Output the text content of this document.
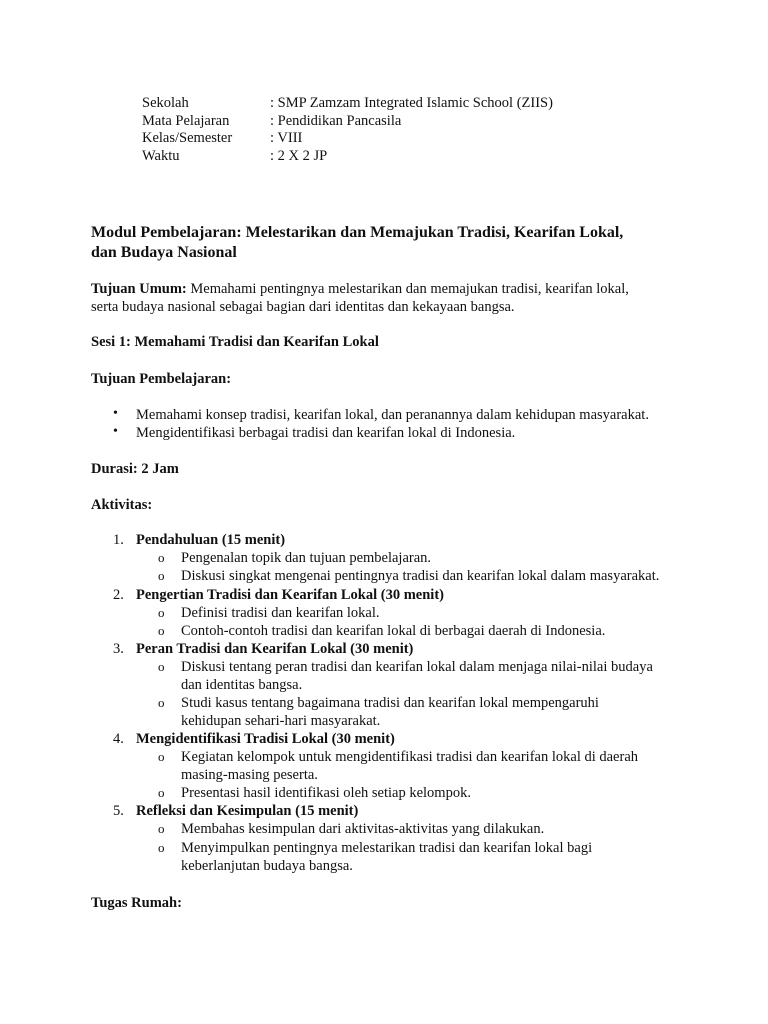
Sekolah	: SMP Zamzam Integrated Islamic School (ZIIS)
Mata Pelajaran	: Pendidikan Pancasila
Kelas/Semester	: VIII
Waktu	: 2 X 2 JP
Modul Pembelajaran: Melestarikan dan Memajukan Tradisi, Kearifan Lokal,
dan Budaya Nasional
Tujuan Umum: Memahami pentingnya melestarikan dan memajukan tradisi, kearifan lokal,
serta budaya nasional sebagai bagian dari identitas dan kekayaan bangsa.
Sesi 1: Memahami Tradisi dan Kearifan Lokal
Tujuan Pembelajaran:
• Memahami konsep tradisi, kearifan lokal, dan peranannya dalam kehidupan masyarakat.
• Mengidentifikasi berbagai tradisi dan kearifan lokal di Indonesia.
Durasi: 2 Jam
Aktivitas:
1. Pendahuluan (15 menit)
o Pengenalan topik dan tujuan pembelajaran.
o Diskusi singkat mengenai pentingnya tradisi dan kearifan lokal dalam masyarakat.
2. Pengertian Tradisi dan Kearifan Lokal (30 menit)
o Definisi tradisi dan kearifan lokal.
o Contoh-contoh tradisi dan kearifan lokal di berbagai daerah di Indonesia.
3. Peran Tradisi dan Kearifan Lokal (30 menit)
o Diskusi tentang peran tradisi dan kearifan lokal dalam menjaga nilai-nilai budaya
dan identitas bangsa.
o Studi kasus tentang bagaimana tradisi dan kearifan lokal mempengaruhi
kehidupan sehari-hari masyarakat.
4. Mengidentifikasi Tradisi Lokal (30 menit)
o Kegiatan kelompok untuk mengidentifikasi tradisi dan kearifan lokal di daerah
masing-masing peserta.
o Presentasi hasil identifikasi oleh setiap kelompok.
5. Refleksi dan Kesimpulan (15 menit)
o Membahas kesimpulan dari aktivitas-aktivitas yang dilakukan.
o Menyimpulkan pentingnya melestarikan tradisi dan kearifan lokal bagi
keberlanjutan budaya bangsa.
Tugas Rumah:
